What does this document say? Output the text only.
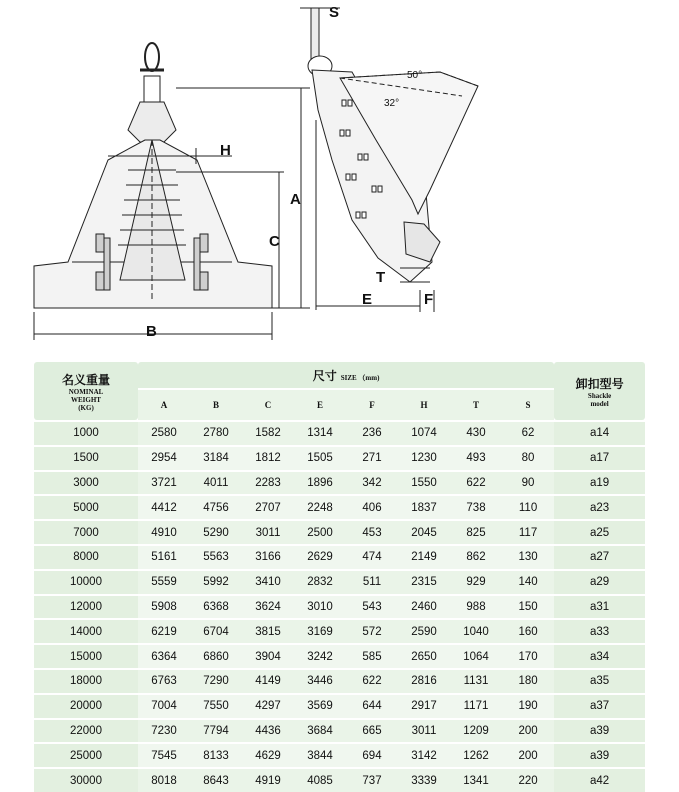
S
H
A
C
B
T
E	F
50°
32°
名义重量
NOMINAL
WEIGHT
(KG)	尺寸 SIZE （mm)								卸扣型号
Shackle
model

	A	B	C	E	F	H	T	S	
1000	2580	2780	1582	1314	236	1074	430	62	a14
1500	2954	3184	1812	1505	271	1230	493	80	a17
3000	3721	4011	2283	1896	342	1550	622	90	a19
5000	4412	4756	2707	2248	406	1837	738	110	a23
7000	4910	5290	3011	2500	453	2045	825	117	a25
8000	5161	5563	3166	2629	474	2149	862	130	a27
10000	5559	5992	3410	2832	511	2315	929	140	a29
12000	5908	6368	3624	3010	543	2460	988	150	a31
14000	6219	6704	3815	3169	572	2590	1040	160	a33
15000	6364	6860	3904	3242	585	2650	1064	170	a34
18000	6763	7290	4149	3446	622	2816	1131	180	a35
20000	7004	7550	4297	3569	644	2917	1171	190	a37
22000	7230	7794	4436	3684	665	3011	1209	200	a39
25000	7545	8133	4629	3844	694	3142	1262	200	a39
30000	8018	8643	4919	4085	737	3339	1341	220	a42
